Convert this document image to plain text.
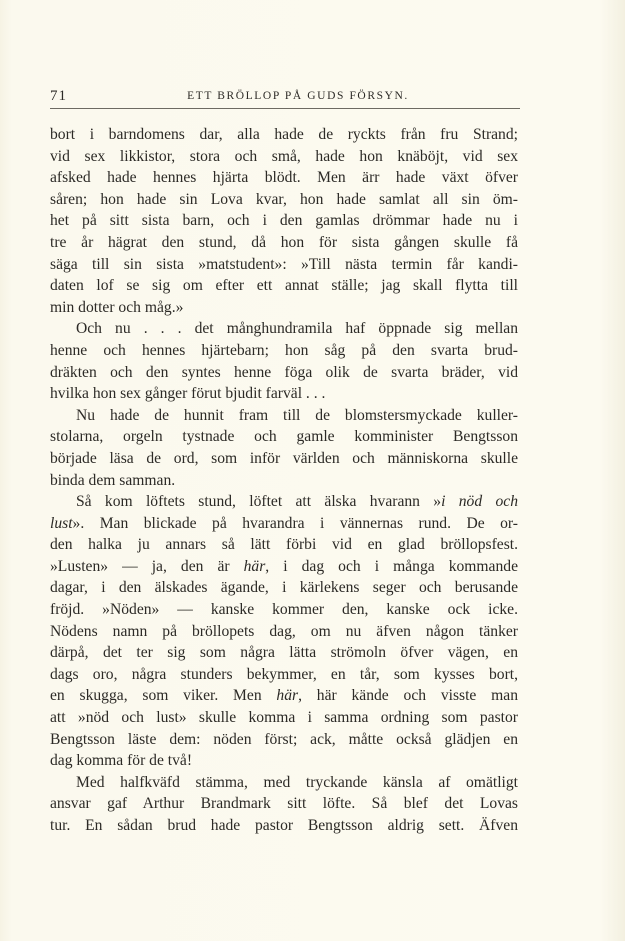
71	ETT BRÖLLOP PÅ GUDS FÖRSYN.
bort i barndomens dar, alla hade de ryckts från fru Strand;
vid sex likkistor, stora och små, hade hon knäböjt, vid sex
afsked hade hennes hjärta blödt. Men ärr hade växt öfver
såren; hon hade sin Lova kvar, hon hade samlat all sin öm-
het på sitt sista barn, och i den gamlas drömmar hade nu i
tre år hägrat den stund, då hon för sista gången skulle få
säga till sin sista »matstudent»: »Till nästa termin får kandi-
daten lof se sig om efter ett annat ställe; jag skall flytta till
min dotter och måg.»
Och nu . . . det månghundramila haf öppnade sig mellan
henne och hennes hjärtebarn; hon såg på den svarta brud-
dräkten och den syntes henne föga olik de svarta bräder, vid
hvilka hon sex gånger förut bjudit farväl . . .
Nu hade de hunnit fram till de blomstersmyckade kuller-
stolarna, orgeln tystnade och gamle komminister Bengtsson
började läsa de ord, som inför världen och människorna skulle
binda dem samman.
Så kom löftets stund, löftet att älska hvarann »i nöd och
lust». Man blickade på hvarandra i vännernas rund. De or-
den halka ju annars så lätt förbi vid en glad bröllopsfest.
»Lusten» — ja, den är här, i dag och i många kommande
dagar, i den älskades ägande, i kärlekens seger och berusande
fröjd. »Nöden» — kanske kommer den, kanske ock icke.
Nödens namn på bröllopets dag, om nu äfven någon tänker
därpå, det ter sig som några lätta strömoln öfver vägen, en
dags oro, några stunders bekymmer, en tår, som kysses bort,
en skugga, som viker. Men här, här kände och visste man
att »nöd och lust» skulle komma i samma ordning som pastor
Bengtsson läste dem: nöden först; ack, måtte också glädjen en
dag komma för de två!
Med halfkväfd stämma, med tryckande känsla af omätligt
ansvar gaf Arthur Brandmark sitt löfte. Så blef det Lovas
tur. En sådan brud hade pastor Bengtsson aldrig sett. Äfven
